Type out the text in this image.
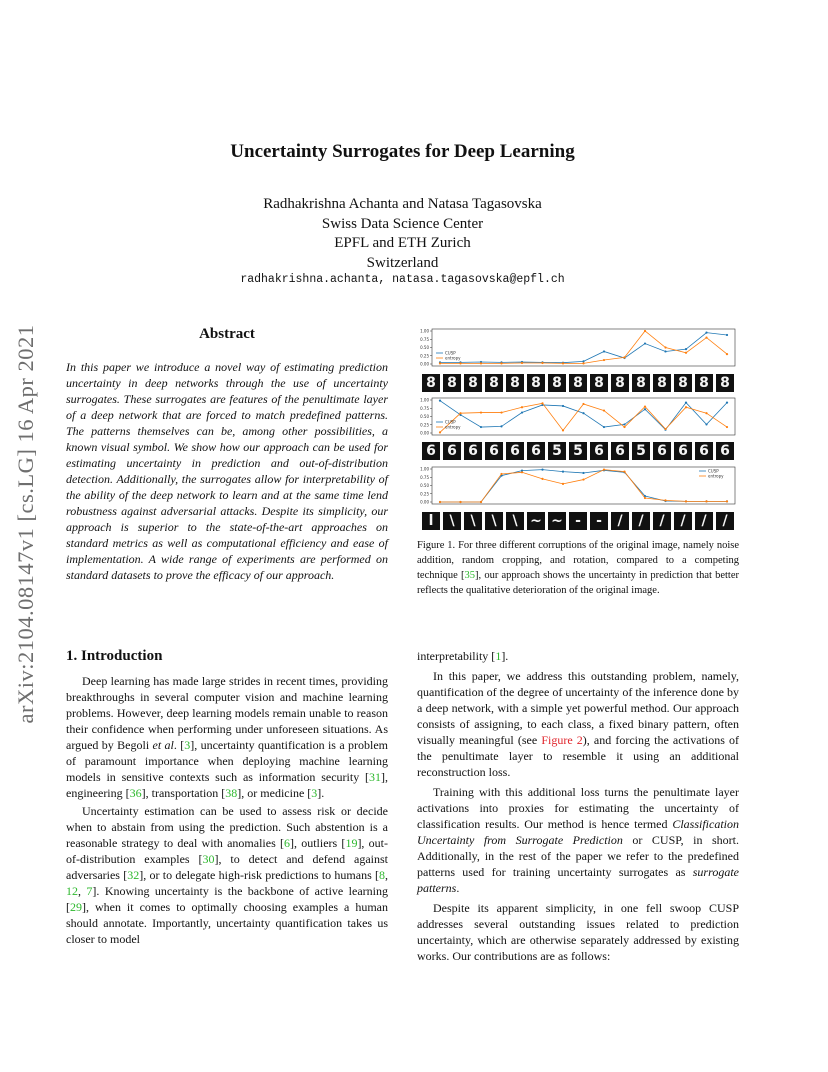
arXiv:2104.08147v1 [cs.LG] 16 Apr 2021
Uncertainty Surrogates for Deep Learning
Radhakrishna Achanta and Natasa Tagasovska
Swiss Data Science Center
EPFL and ETH Zurich
Switzerland
radhakrishna.achanta, natasa.tagasovska@epfl.ch
Abstract
In this paper we introduce a novel way of estimating prediction uncertainty in deep networks through the use of uncertainty surrogates. These surrogates are features of the penultimate layer of a deep network that are forced to match predefined patterns. The patterns themselves can be, among other possibilities, a known visual symbol. We show how our approach can be used for estimating uncertainty in prediction and out-of-distribution detection. Additionally, the surrogates allow for interpretability of the ability of the deep network to learn and at the same time lend robustness against adversarial attacks. Despite its simplicity, our approach is superior to the state-of-the-art approaches on standard metrics as well as computational efficiency and ease of implementation. A wide range of experiments are performed on standard datasets to prove the efficacy of our approach.
1. Introduction

Deep learning has made large strides in recent times, providing breakthroughs in several computer vision and machine learning problems. However, deep learning models remain unable to reason their confidence when performing under unforeseen situations. As argued by Begoli et al. [3], uncertainty quantification is a problem of paramount importance when deploying machine learning models in sensitive contexts such as information security [31], engineering [36], transportation [38], or medicine [3].

Uncertainty estimation can be used to assess risk or decide when to abstain from using the prediction. Such abstention is a reasonable strategy to deal with anomalies [6], outliers [19], out-of-distribution examples [30], to detect and defend against adversaries [32], or to delegate high-risk predictions to humans [8, 12, 7]. Knowing uncertainty is the backbone of active learning [29], when it comes to optimally choosing examples a human should annotate. Importantly, uncertainty quantification takes us closer to model

0.00
0.25
0.50
0.75
1.00
CUSP
entropy
8 8 8 8 8 8 8 8 8 8 8 8 8 8 8
0.00
0.25
0.50
0.75
1.00
CUSP
entropy
6 6 6 6 6 6 5 5 6 6 5 6 6 6 6
0.00
0.25
0.50
0.75
1.00	CUSP
entropy
l	\	\	\	\ ~ ~ -	-	/	/	/	/	/	/
Figure 1. For three different corruptions of the original image, namely noise addition, random cropping, and rotation, compared to a competing technique [35], our approach shows the uncertainty in prediction that better reflects the qualitative deterioration of the original image.

interpretability [1].

In this paper, we address this outstanding problem, namely, quantification of the degree of uncertainty of the inference done by a deep network, with a simple yet powerful method. Our approach consists of assigning, to each class, a fixed binary pattern, often visually meaningful (see Figure 2), and forcing the activations of the penultimate layer to resemble it using an additional reconstruction loss.

Training with this additional loss turns the penultimate layer activations into proxies for estimating the uncertainty of classification results. Our method is hence termed Classification Uncertainty from Surrogate Prediction or CUSP, in short. Additionally, in the rest of the paper we refer to the predefined patterns used for training uncertainty surrogates as surrogate patterns.

Despite its apparent simplicity, in one fell swoop CUSP addresses several outstanding issues related to prediction uncertainty, which are otherwise separately addressed by existing works. Our contributions are as follows:
